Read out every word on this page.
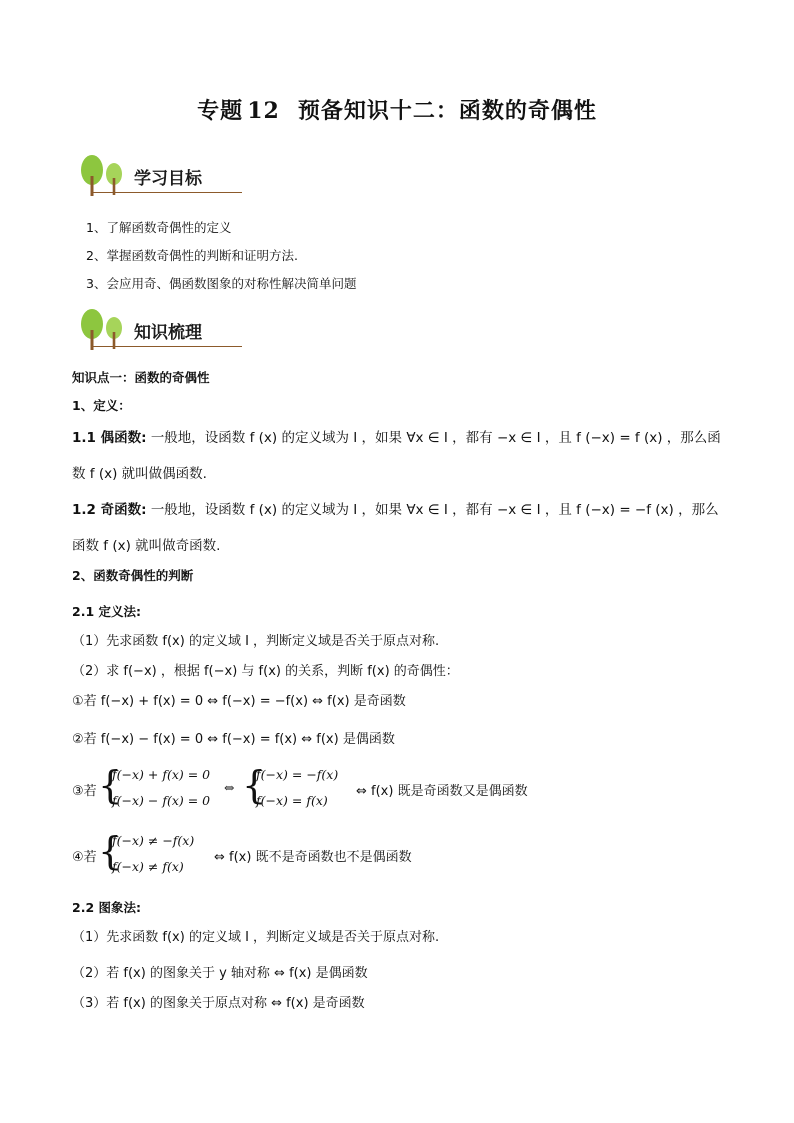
专题 12 预备知识十二：函数的奇偶性
学习目标
1、了解函数奇偶性的定义
2、掌握函数奇偶性的判断和证明方法.
3、会应用奇、偶函数图象的对称性解决简单问题
知识梳理
知识点一：函数的奇偶性
1、定义：
1.1 偶函数: 一般地，设函数 f (x) 的定义域为 I ，如果 ∀x ∈ I ，都有 −x ∈ I ，且 f (−x) = f (x) ，那么函
数 f (x) 就叫做偶函数.
1.2 奇函数: 一般地，设函数 f (x) 的定义域为 I ，如果 ∀x ∈ I ，都有 −x ∈ I ，且 f (−x) = −f (x) ，那么
函数 f (x) 就叫做奇函数.
2、函数奇偶性的判断
2.1 定义法:
（1）先求函数 f(x) 的定义域 I ，判断定义域是否关于原点对称.
（2）求 f(−x) ，根据 f(−x) 与 f(x) 的关系，判断 f(x) 的奇偶性：
①若 f(−x) + f(x) = 0 ⇔ f(−x) = −f(x) ⇔ f(x) 是奇函数
②若 f(−x) − f(x) = 0 ⇔ f(−x) = f(x) ⇔ f(x) 是偶函数
③若 {
f(−x) + f(x) = 0
f(−x) − f(x) = 0
⇔ {
f(−x) = −f(x)
f(−x) = f(x)
⇔ f(x) 既是奇函数又是偶函数
④若 {
f(−x) ≠ −f(x)
f(−x) ≠ f(x)
⇔ f(x) 既不是奇函数也不是偶函数
2.2 图象法:
（1）先求函数 f(x) 的定义域 I ，判断定义域是否关于原点对称.
（2）若 f(x) 的图象关于 y 轴对称 ⇔ f(x) 是偶函数
（3）若 f(x) 的图象关于原点对称 ⇔ f(x) 是奇函数
